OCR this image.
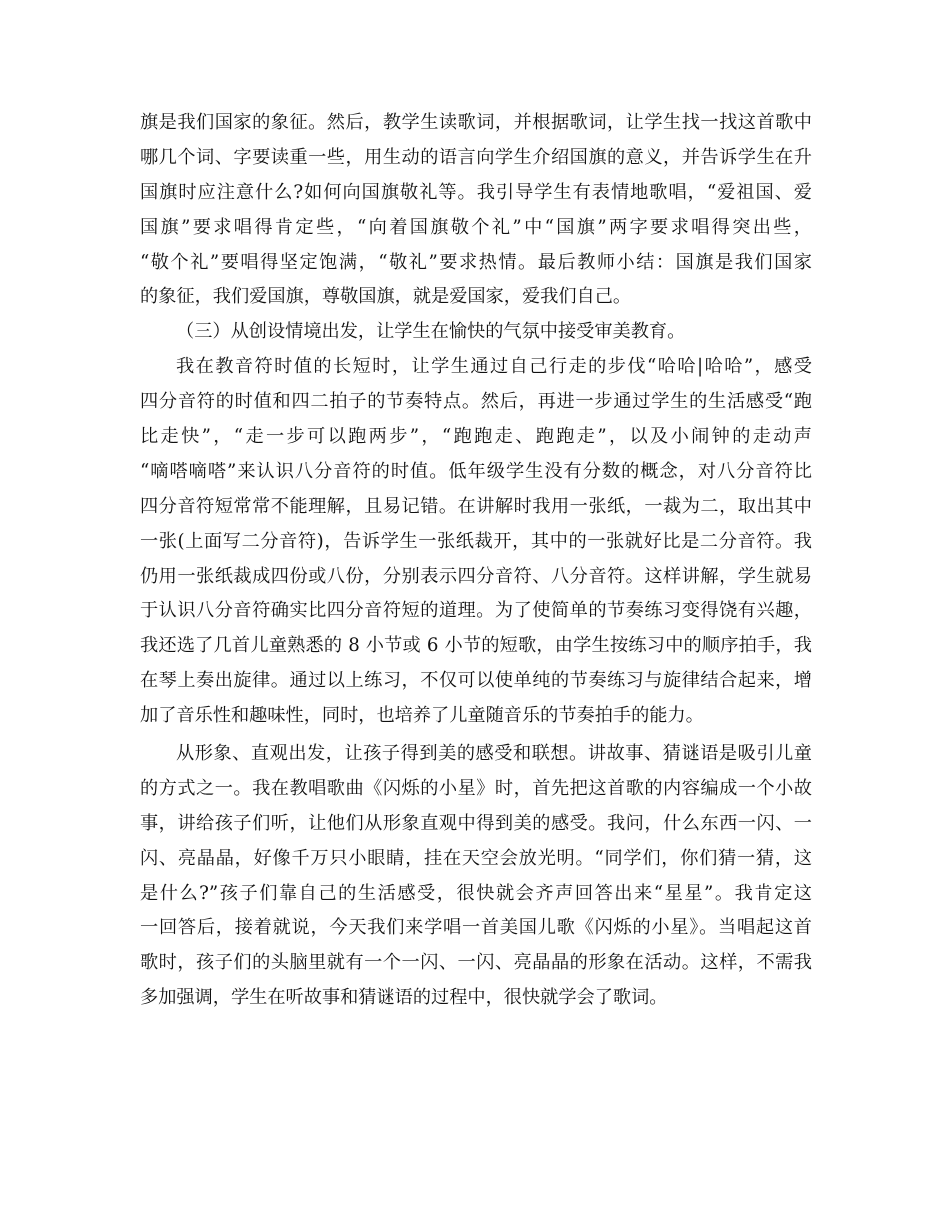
旗是我们国家的象征。然后，教学生读歌词，并根据歌词，让学生找一找这首歌中
哪几个词、字要读重一些，用生动的语言向学生介绍国旗的意义，并告诉学生在升
国旗时应注意什么?如何向国旗敬礼等。我引导学生有表情地歌唱，“爱祖国、爱
国旗”要求唱得肯定些，“向着国旗敬个礼”中“国旗”两字要求唱得突出些，
“敬个礼”要唱得坚定饱满，“敬礼”要求热情。最后教师小结：国旗是我们国家
的象征，我们爱国旗，尊敬国旗，就是爱国家，爱我们自己。
（三）从创设情境出发，让学生在愉快的气氛中接受审美教育。
我在教音符时值的长短时，让学生通过自己行走的步伐“哈哈|哈哈”，感受
四分音符的时值和四二拍子的节奏特点。然后，再进一步通过学生的生活感受“跑
比走快”，“走一步可以跑两步”，“跑跑走、跑跑走”，以及小闹钟的走动声
“嘀嗒嘀嗒”来认识八分音符的时值。低年级学生没有分数的概念，对八分音符比
四分音符短常常不能理解，且易记错。在讲解时我用一张纸，一裁为二，取出其中
一张(上面写二分音符)，告诉学生一张纸裁开，其中的一张就好比是二分音符。我
仍用一张纸裁成四份或八份，分别表示四分音符、八分音符。这样讲解，学生就易
于认识八分音符确实比四分音符短的道理。为了使简单的节奏练习变得饶有兴趣，
我还选了几首儿童熟悉的 8 小节或 6 小节的短歌，由学生按练习中的顺序拍手，我
在琴上奏出旋律。通过以上练习，不仅可以使单纯的节奏练习与旋律结合起来，增
加了音乐性和趣味性，同时，也培养了儿童随音乐的节奏拍手的能力。
从形象、直观出发，让孩子得到美的感受和联想。讲故事、猜谜语是吸引儿童
的方式之一。我在教唱歌曲《闪烁的小星》时，首先把这首歌的内容编成一个小故
事，讲给孩子们听，让他们从形象直观中得到美的感受。我问，什么东西一闪、一
闪、亮晶晶，好像千万只小眼睛，挂在天空会放光明。“同学们，你们猜一猜，这
是什么?”孩子们靠自己的生活感受，很快就会齐声回答出来“星星”。我肯定这
一回答后，接着就说，今天我们来学唱一首美国儿歌《闪烁的小星》。当唱起这首
歌时，孩子们的头脑里就有一个一闪、一闪、亮晶晶的形象在活动。这样，不需我
多加强调，学生在听故事和猜谜语的过程中，很快就学会了歌词。
